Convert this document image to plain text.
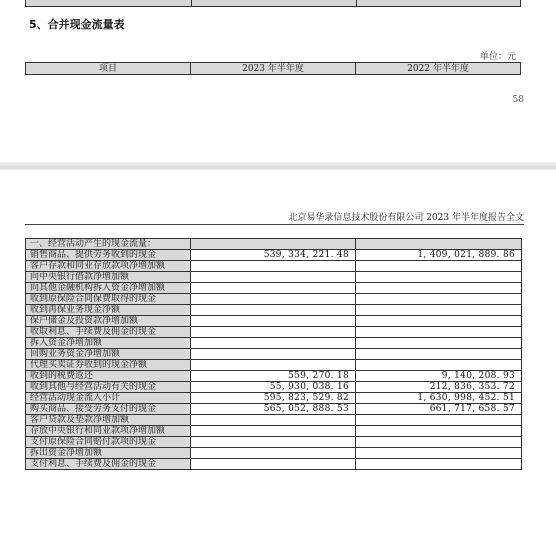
5、合并现金流量表
单位：元
项目	2023 年半年度	2022 年半年度
58
北京易华录信息技术股份有限公司 2023 年半年度报告全文
一、经营活动产生的现金流量：		
销售商品、提供劳务收到的现金	539, 334, 221. 48	1, 409, 021, 889. 86
客户存款和同业存放款项净增加额		
向中央银行借款净增加额		
向其他金融机构拆入资金净增加额		
收到原保险合同保费取得的现金		
收到再保业务现金净额		
保户储金及投资款净增加额		
收取利息、手续费及佣金的现金		
拆入资金净增加额		
回购业务资金净增加额		
代理买卖证券收到的现金净额		
收到的税费返还	559, 270. 18	9, 140, 208. 93
收到其他与经营活动有关的现金	55, 930, 038. 16	212, 836, 353. 72
经营活动现金流入小计	595, 823, 529. 82	1, 630, 998, 452. 51
购买商品、接受劳务支付的现金	565, 052, 888. 53	661, 717, 658. 57
客户贷款及垫款净增加额		
存放中央银行和同业款项净增加额		
支付原保险合同赔付款项的现金		
拆出资金净增加额		
支付利息、手续费及佣金的现金		
